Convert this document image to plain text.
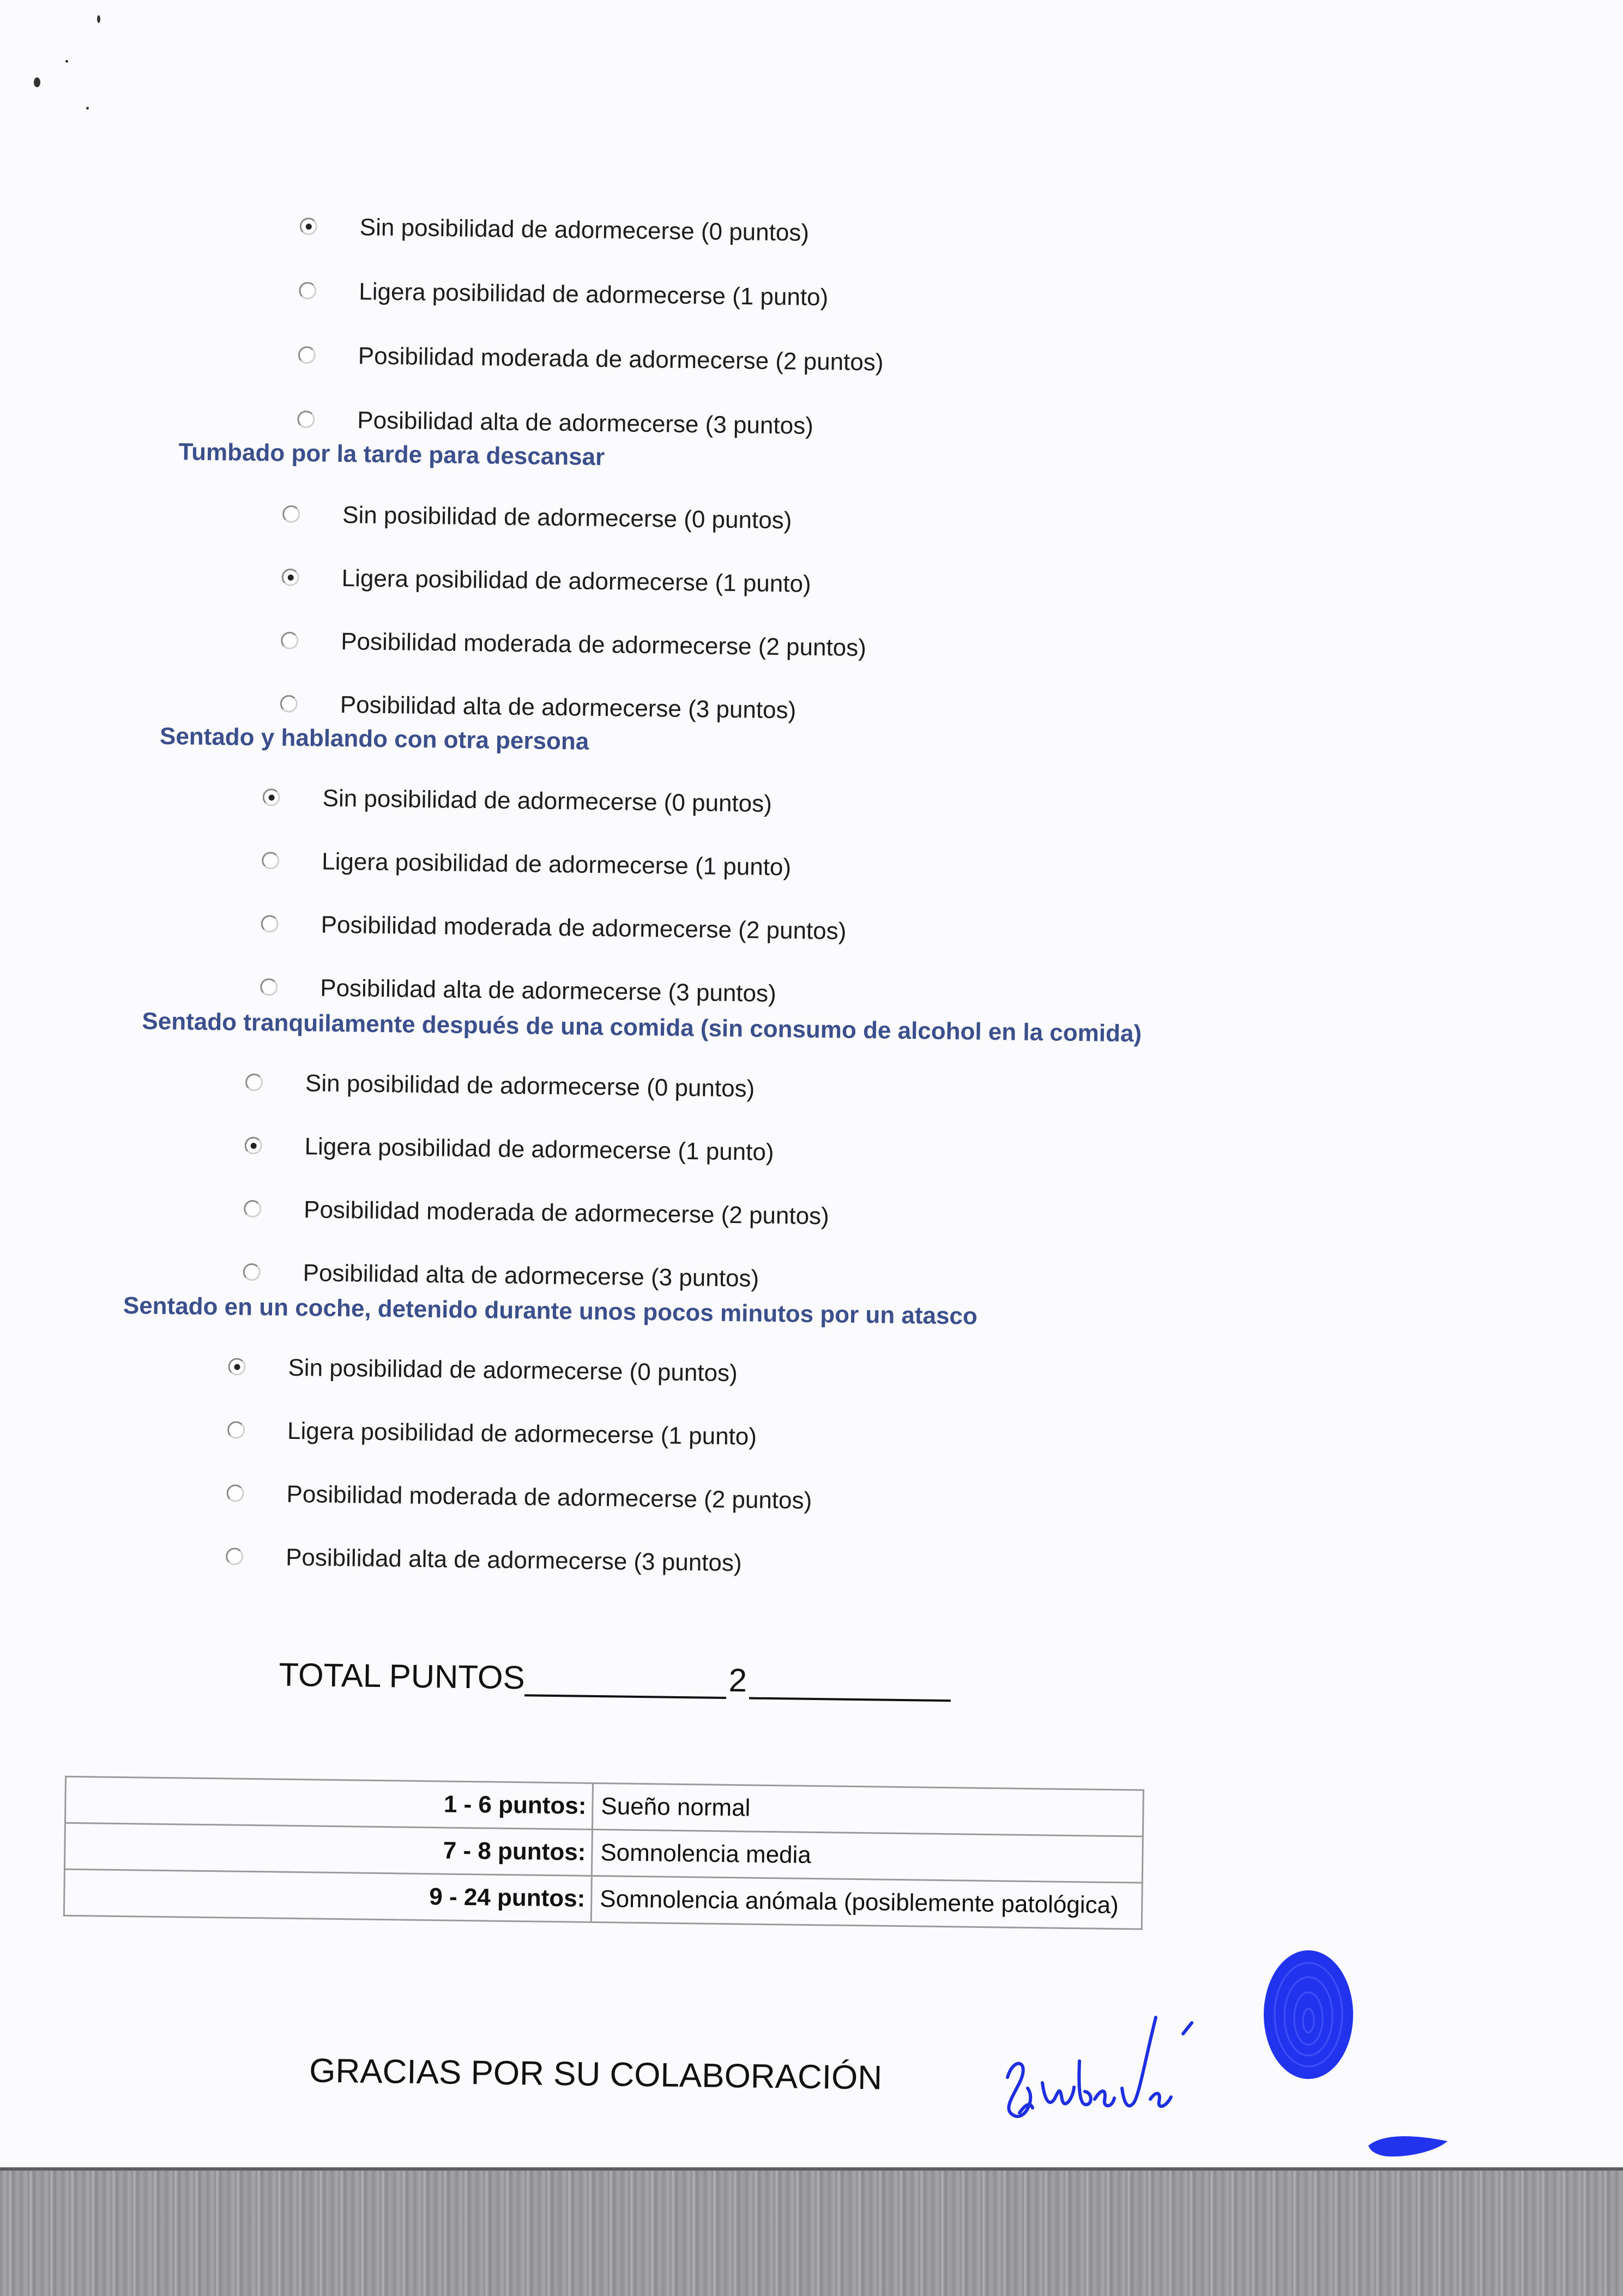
Sin posibilidad de adormecerse (0 puntos)
Ligera posibilidad de adormecerse (1 punto)
Posibilidad moderada de adormecerse (2 puntos)
Posibilidad alta de adormecerse (3 puntos)
Tumbado por la tarde para descansar
Sin posibilidad de adormecerse (0 puntos)
Ligera posibilidad de adormecerse (1 punto)
Posibilidad moderada de adormecerse (2 puntos)
Posibilidad alta de adormecerse (3 puntos)
Sentado y hablando con otra persona
Sin posibilidad de adormecerse (0 puntos)
Ligera posibilidad de adormecerse (1 punto)
Posibilidad moderada de adormecerse (2 puntos)
Posibilidad alta de adormecerse (3 puntos)
Sentado tranquilamente después de una comida (sin consumo de alcohol en la comida)
Sin posibilidad de adormecerse (0 puntos)
Ligera posibilidad de adormecerse (1 punto)
Posibilidad moderada de adormecerse (2 puntos)
Posibilidad alta de adormecerse (3 puntos)
Sentado en un coche, detenido durante unos pocos minutos por un atasco
Sin posibilidad de adormecerse (0 puntos)
Ligera posibilidad de adormecerse (1 punto)
Posibilidad moderada de adormecerse (2 puntos)
Posibilidad alta de adormecerse (3 puntos)
TOTAL PUNTOS	2
1 - 6 puntos:	Sueño normal
7 - 8 puntos:	Somnolencia media
9 - 24 puntos:	Somnolencia anómala (posiblemente patológica)
GRACIAS POR SU COLABORACIÓN
